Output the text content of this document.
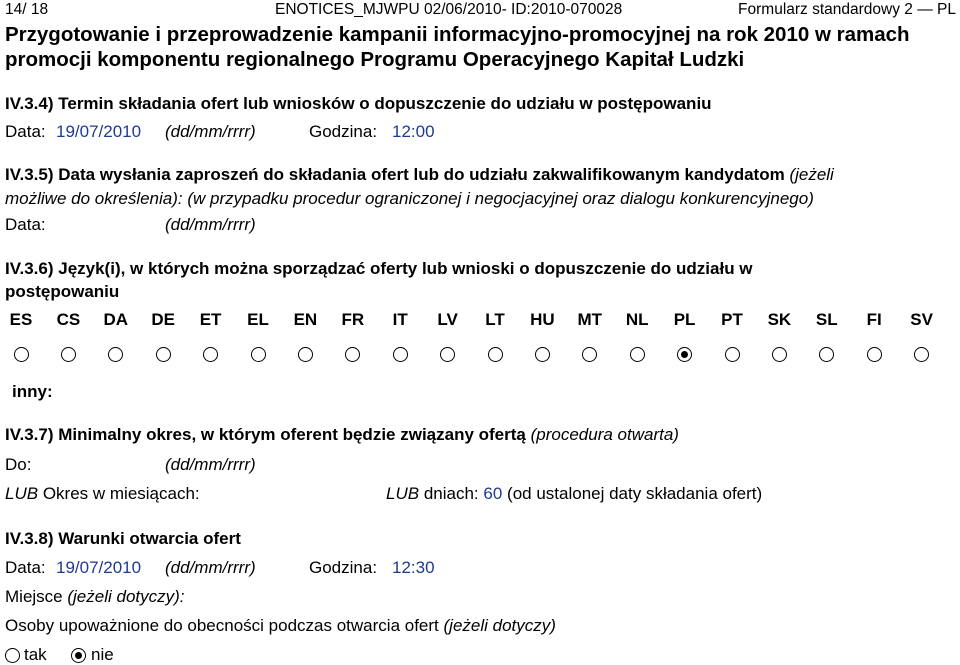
14/ 18	ENOTICES_MJWPU 02/06/2010- ID:2010-070028	Formularz standardowy 2 — PL
Przygotowanie i przeprowadzenie kampanii informacyjno-promocyjnej na rok 2010 w ramach promocji komponentu regionalnego Programu Operacyjnego Kapitał Ludzki
IV.3.4) Termin składania ofert lub wniosków o dopuszczenie do udziału w postępowaniu
Data: 19/07/2010 (dd/mm/rrrr)	Godzina: 12:00
IV.3.5) Data wysłania zaproszeń do składania ofert lub do udziału zakwalifikowanym kandydatom (jeżeli
możliwe do określenia): (w przypadku procedur ograniczonej i negocjacyjnej oraz dialogu konkurencyjnego)
Data:	(dd/mm/rrrr)
IV.3.6) Język(i), w których można sporządzać oferty lub wnioski o dopuszczenie do udziału w
postępowaniu
ES	CS	DA	DE	ET	EL	EN	FR	IT	LV	LT	HU	MT	NL	PL	PT	SK	SL	FI	SV
inny:
IV.3.7) Minimalny okres, w którym oferent będzie związany ofertą (procedura otwarta)
Do:	(dd/mm/rrrr)
LUB Okres w miesiącach:	LUB dniach: 60 (od ustalonej daty składania ofert)
IV.3.8) Warunki otwarcia ofert
Data: 19/07/2010 (dd/mm/rrrr)	Godzina: 12:30
Miejsce (jeżeli dotyczy):
Osoby upoważnione do obecności podczas otwarcia ofert (jeżeli dotyczy)
tak	nie
